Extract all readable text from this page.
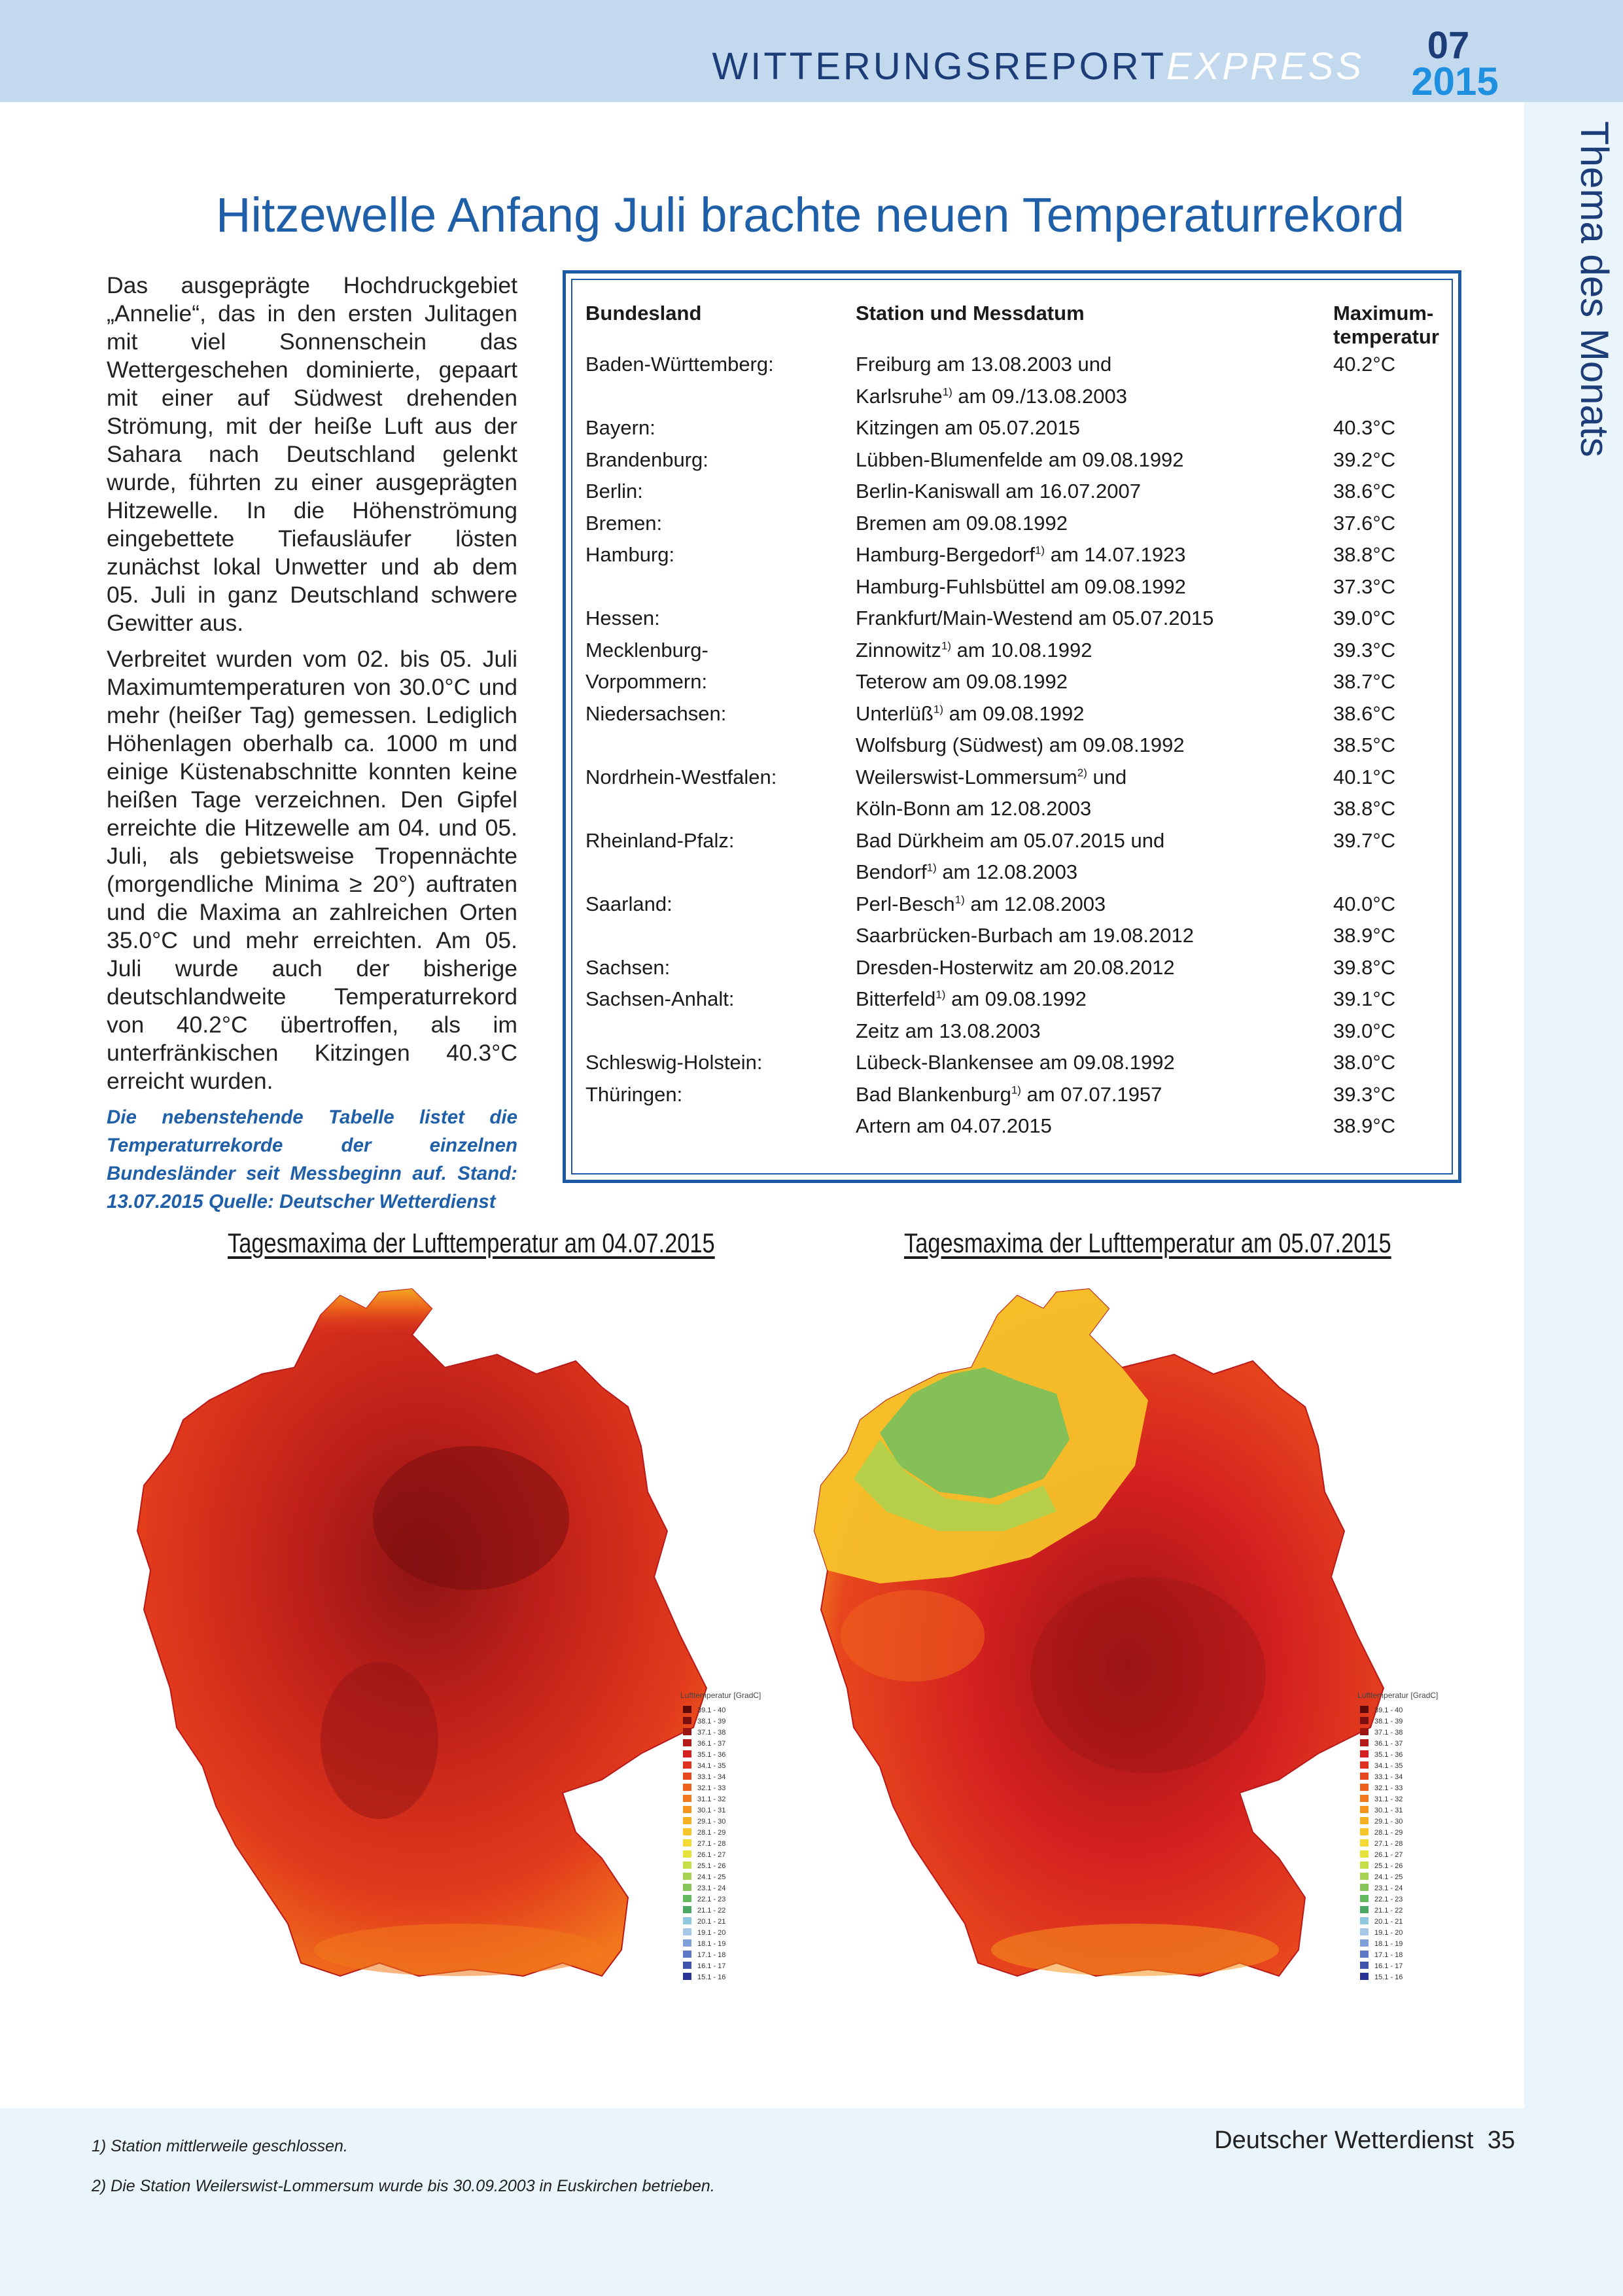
WITTERUNGSREPORTEXPRESS	07
2015
Thema des Monats
Hitzewelle Anfang Juli brachte neuen Temperaturrekord

Das ausgeprägte Hochdruckgebiet „Annelie“, das in den ersten Julitagen mit viel Sonnenschein das Wettergeschehen dominierte, gepaart mit einer auf Südwest drehenden Strömung, mit der heiße Luft aus der Sahara nach Deutschland gelenkt wurde, führten zu einer ausgeprägten Hitzewelle. In die Höhenströmung eingebettete Tiefausläufer lösten zunächst lokal Unwetter und ab dem 05. Juli in ganz Deutschland schwere Gewitter aus.

Verbreitet wurden vom 02. bis 05. Juli Maximumtemperaturen von 30.0°C und mehr (heißer Tag) gemessen. Lediglich Höhenlagen oberhalb ca. 1000 m und einige Küstenabschnitte konnten keine heißen Tage verzeichnen. Den Gipfel erreichte die Hitzewelle am 04. und 05. Juli, als gebietsweise Tropennächte (morgendliche Minima ≥ 20°) auftraten und die Maxima an zahlreichen Orten 35.0°C und mehr erreichten. Am 05. Juli wurde auch der bisherige deutschlandweite Temperaturrekord von 40.2°C übertroffen, als im unterfränkischen Kitzingen 40.3°C erreicht wurden.

Die nebenstehende Tabelle listet die Temperaturrekorde der einzelnen Bundesländer seit Messbeginn auf. Stand: 13.07.2015 Quelle: Deutscher Wetterdienst
Bundesland	Station und Messdatum	Maximum-
temperatur
Baden-Württemberg:	Freiburg am 13.08.2003 und	40.2°C
	Karlsruhe$^{1)}$ am 09./13.08.2003	
Bayern:	Kitzingen am 05.07.2015	40.3°C
Brandenburg:	Lübben-Blumenfelde am 09.08.1992	39.2°C
Berlin:	Berlin-Kaniswall am 16.07.2007	38.6°C
Bremen:	Bremen am 09.08.1992	37.6°C
Hamburg:	Hamburg-Bergedorf$^{1)}$ am 14.07.1923	38.8°C
	Hamburg-Fuhlsbüttel am 09.08.1992	37.3°C
Hessen:	Frankfurt/Main-Westend am 05.07.2015	39.0°C
Mecklenburg-	Zinnowitz$^{1)}$ am 10.08.1992	39.3°C
Vorpommern:	Teterow am 09.08.1992	38.7°C
Niedersachsen:	Unterlüß$^{1)}$ am 09.08.1992	38.6°C
	Wolfsburg (Südwest) am 09.08.1992	38.5°C
Nordrhein-Westfalen:	Weilerswist-Lommersum$^{2)}$ und	40.1°C
	Köln-Bonn am 12.08.2003	38.8°C
Rheinland-Pfalz:	Bad Dürkheim am 05.07.2015 und	39.7°C
	Bendorf$^{1)}$ am 12.08.2003	
Saarland:	Perl-Besch$^{1)}$ am 12.08.2003	40.0°C
	Saarbrücken-Burbach am 19.08.2012	38.9°C
Sachsen:	Dresden-Hosterwitz am 20.08.2012	39.8°C
Sachsen-Anhalt:	Bitterfeld$^{1)}$ am 09.08.1992	39.1°C
	Zeitz am 13.08.2003	39.0°C
Schleswig-Holstein:	Lübeck-Blankensee am 09.08.1992	38.0°C
Thüringen:	Bad Blankenburg$^{1)}$ am 07.07.1957	39.3°C
	Artern am 04.07.2015	38.9°C
Tagesmaxima der Lufttemperatur am 04.07.2015	Tagesmaxima der Lufttemperatur am 05.07.2015
Lufttemperatur [GradC]
39.1 - 40
38.1 - 39
37.1 - 38
36.1 - 37
35.1 - 36
34.1 - 35
33.1 - 34
32.1 - 33
31.1 - 32
30.1 - 31
29.1 - 30
28.1 - 29
27.1 - 28
26.1 - 27
25.1 - 26
24.1 - 25
23.1 - 24
22.1 - 23
21.1 - 22
20.1 - 21
19.1 - 20
18.1 - 19
17.1 - 18
16.1 - 17
15.1 - 16
Lufttemperatur [GradC]
39.1 - 40
38.1 - 39
37.1 - 38
36.1 - 37
35.1 - 36
34.1 - 35
33.1 - 34
32.1 - 33
31.1 - 32
30.1 - 31
29.1 - 30
28.1 - 29
27.1 - 28
26.1 - 27
25.1 - 26
24.1 - 25
23.1 - 24
22.1 - 23
21.1 - 22
20.1 - 21
19.1 - 20
18.1 - 19
17.1 - 18
16.1 - 17
15.1 - 16
1) Station mittlerweile geschlossen.
2) Die Station Weilerswist-Lommersum wurde bis 30.09.2003 in Euskirchen betrieben.
Deutscher Wetterdienst 35
